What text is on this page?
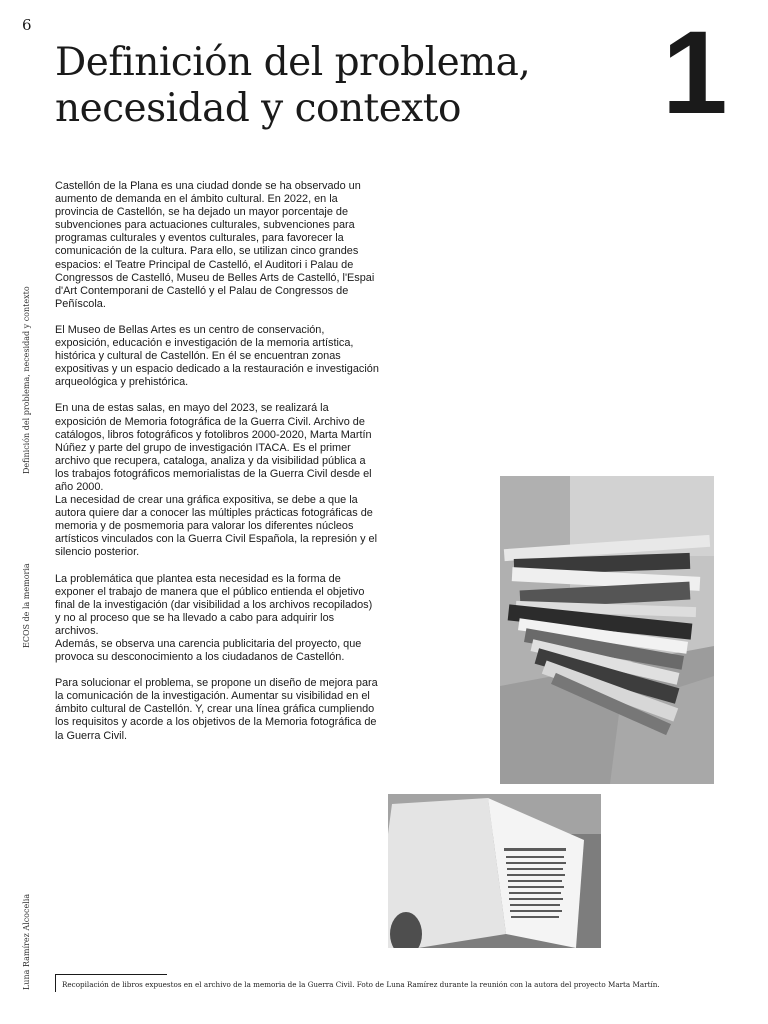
6
Definición del problema,
necesidad y contexto	1
Definición del problema, necesidad y contexto
ECOS de la memoria
Luna Ramírez Alcocelia

Castellón de la Plana es una ciudad donde se ha observado un aumento de demanda en el ámbito cultural. En 2022, en la provincia de Castellón, se ha dejado un mayor porcentaje de subvenciones para actuaciones culturales, subvenciones para programas culturales y eventos culturales, para favorecer la comunicación de la cultura. Para ello, se utilizan cinco grandes espacios: el Teatre Principal de Castelló, el Auditori i Palau de Congressos de Castelló, Museu de Belles Arts de Castelló, l'Espai d'Art Contemporani de Castelló y el Palau de Congressos de Peñíscola.

El Museo de Bellas Artes es un centro de conservación, exposición, educación e investigación de la memoria artística, histórica y cultural de Castellón. En él se encuentran zonas expositivas y un espacio dedicado a la restauración e investigación arqueológica y prehistórica.

En una de estas salas, en mayo del 2023, se realizará la exposición de Memoria fotográfica de la Guerra Civil. Archivo de catálogos, libros fotográficos y fotolibros 2000-2020, Marta Martín Núñez y parte del grupo de investigación ITACA. Es el primer archivo que recupera, cataloga, analiza y da visibilidad pública a los trabajos fotográficos memorialistas de la Guerra Civil desde el año 2000.

La necesidad de crear una gráfica expositiva, se debe a que la autora quiere dar a conocer las múltiples prácticas fotográficas de memoria y de posmemoria para valorar los diferentes núcleos artísticos vinculados con la Guerra Civil Española, la represión y el silencio posterior.

La problemática que plantea esta necesidad es la forma de exponer el trabajo de manera que el público entienda el objetivo final de la investigación (dar visibilidad a los archivos recopilados) y no al proceso que se ha llevado a cabo para adquirir los archivos.

Además, se observa una carencia publicitaria del proyecto, que provoca su desconocimiento a los ciudadanos de Castellón.

Para solucionar el problema, se propone un diseño de mejora para la comunicación de la investigación. Aumentar su visibilidad en el ámbito cultural de Castellón. Y, crear una línea gráfica cumpliendo los requisitos y acorde a los objetivos de la Memoria fotográfica de la Guerra Civil.

Recopilación de libros expuestos en el archivo de la memoria de la Guerra Civil. Foto de Luna Ramírez durante la reunión con la autora del proyecto Marta Martín.
